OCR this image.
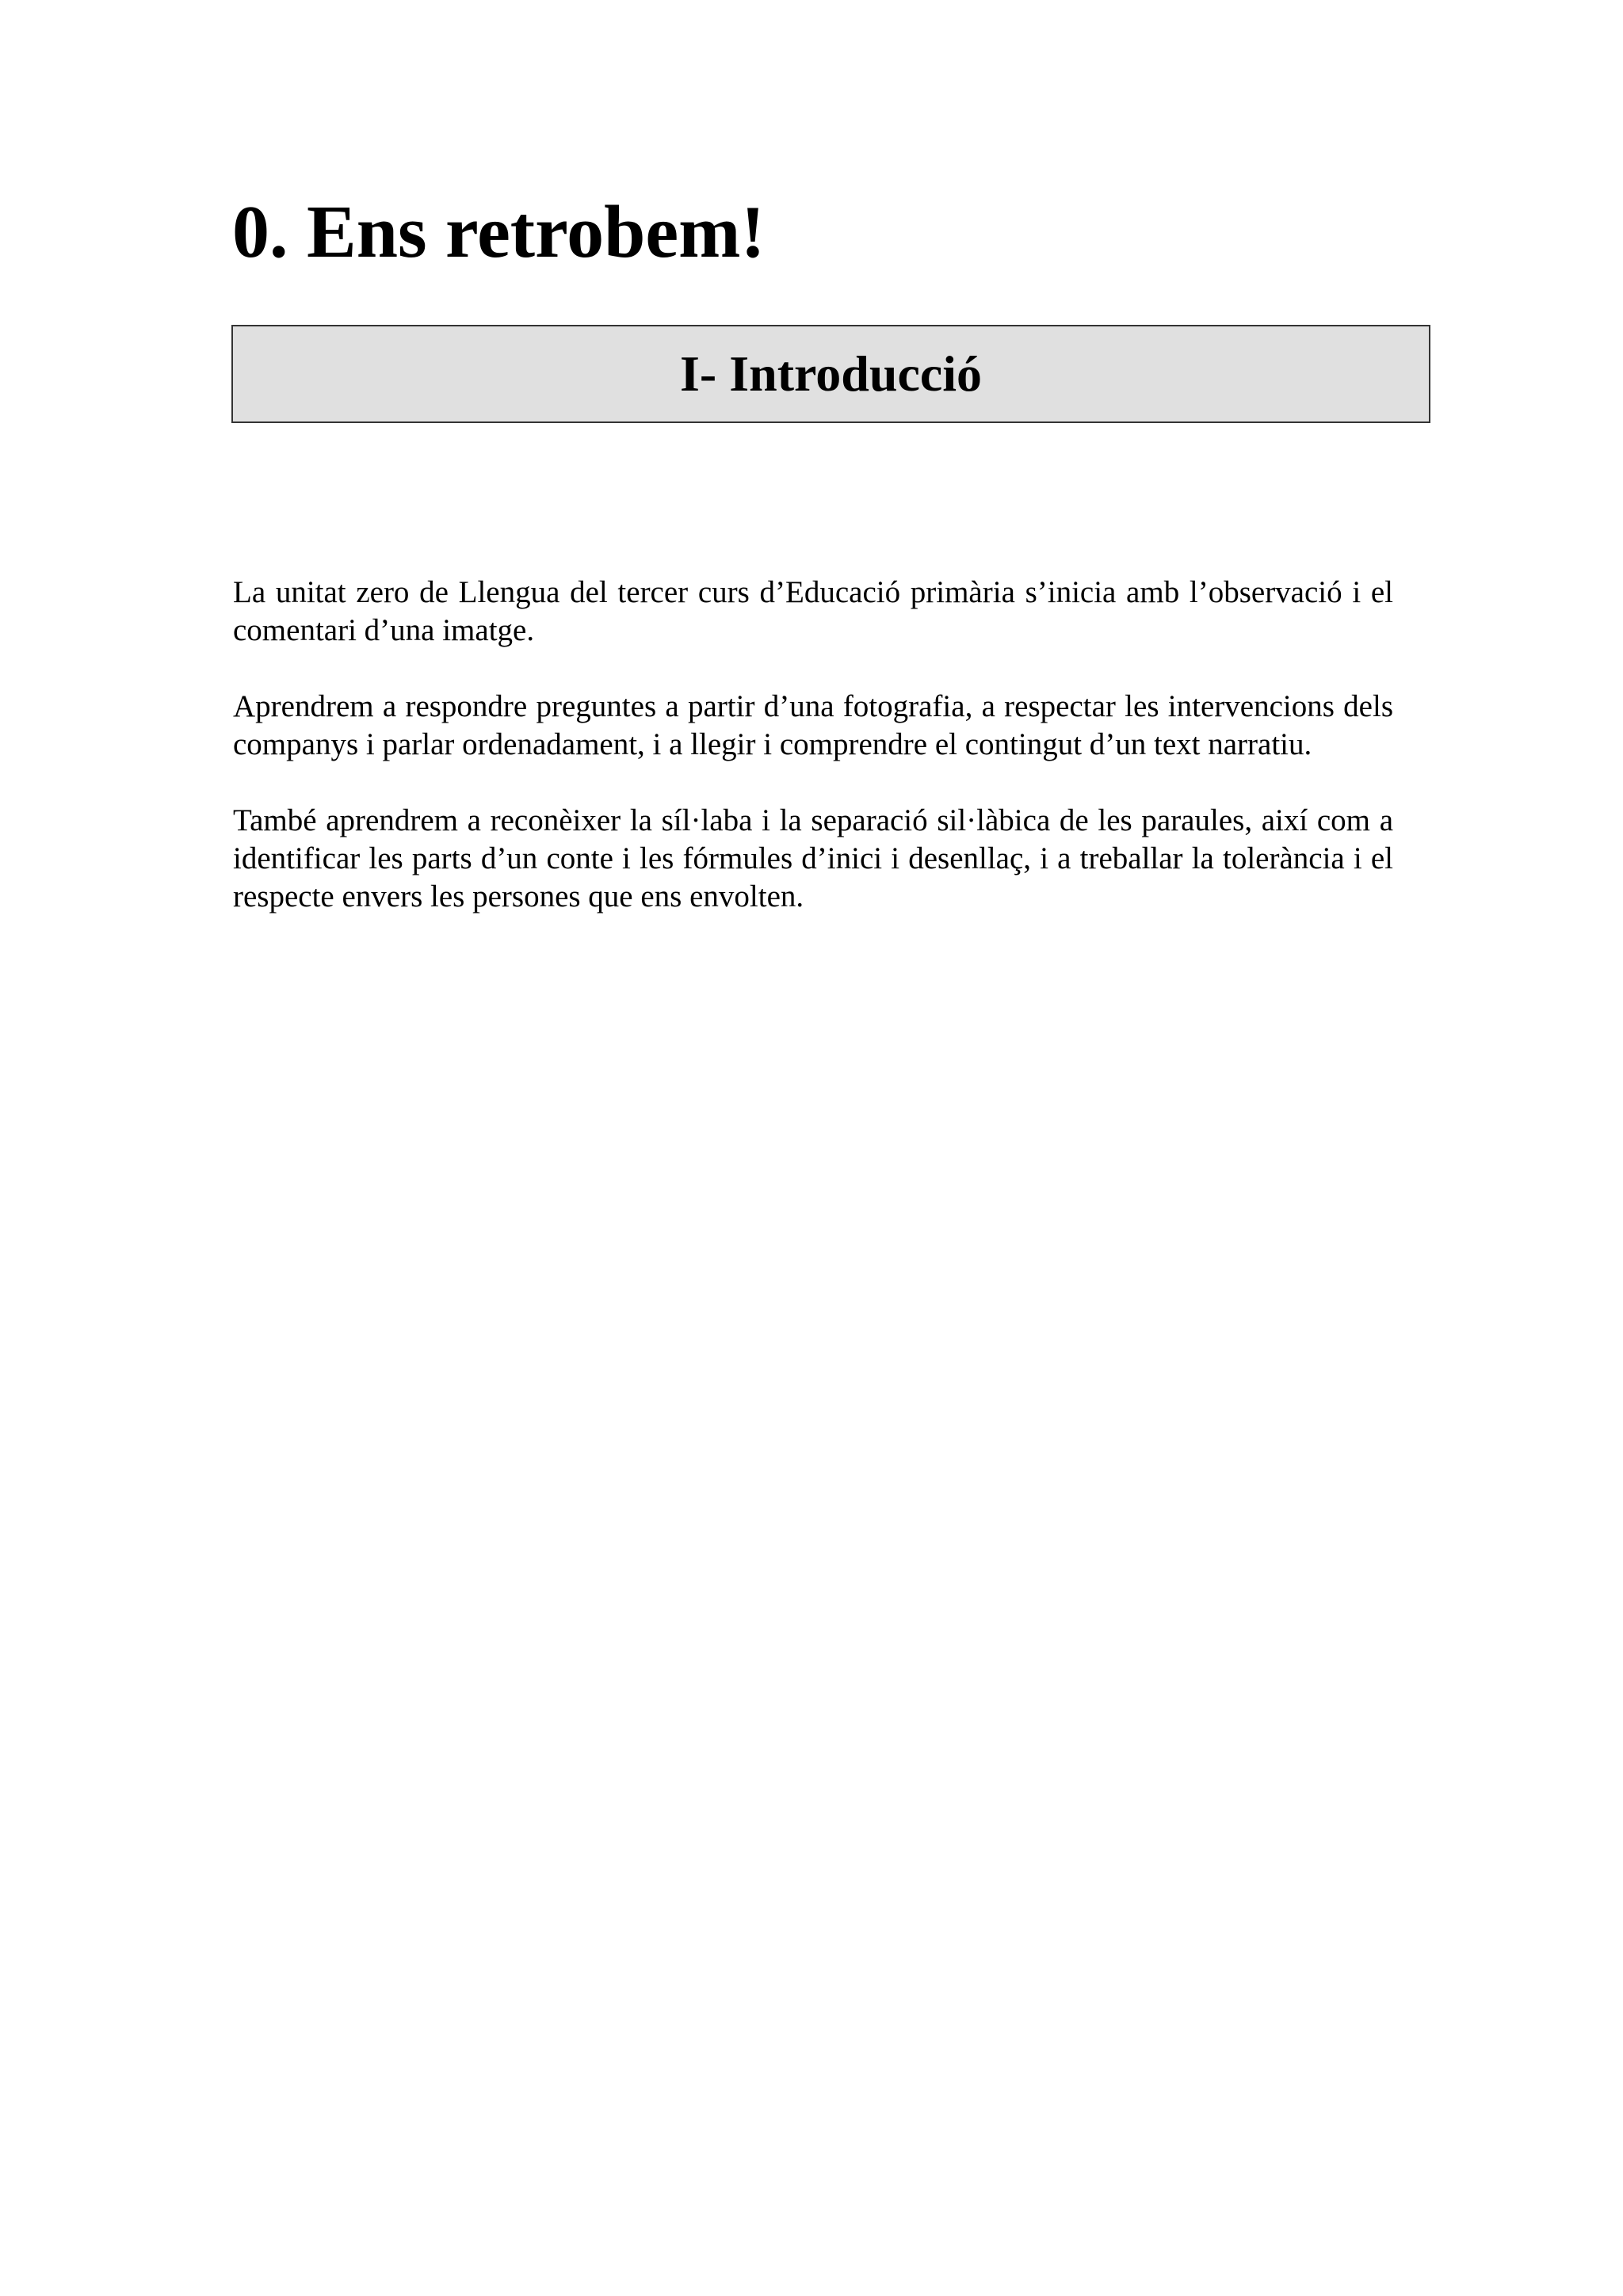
0. Ens retrobem!
I- Introducció

La unitat zero de Llengua del tercer curs d’Educació primària s’inicia amb l’observació i el comentari d’una imatge.

Aprendrem a respondre preguntes a partir d’una fotografia, a respectar les intervencions dels companys i parlar ordenadament, i a llegir i comprendre el contingut d’un text narratiu.

També aprendrem a reconèixer la síl·laba i la separació sil·làbica de les paraules, així com a identificar les parts d’un conte i les fórmules d’inici i desenllaç, i a treballar la tolerància i el respecte envers les persones que ens envolten.
